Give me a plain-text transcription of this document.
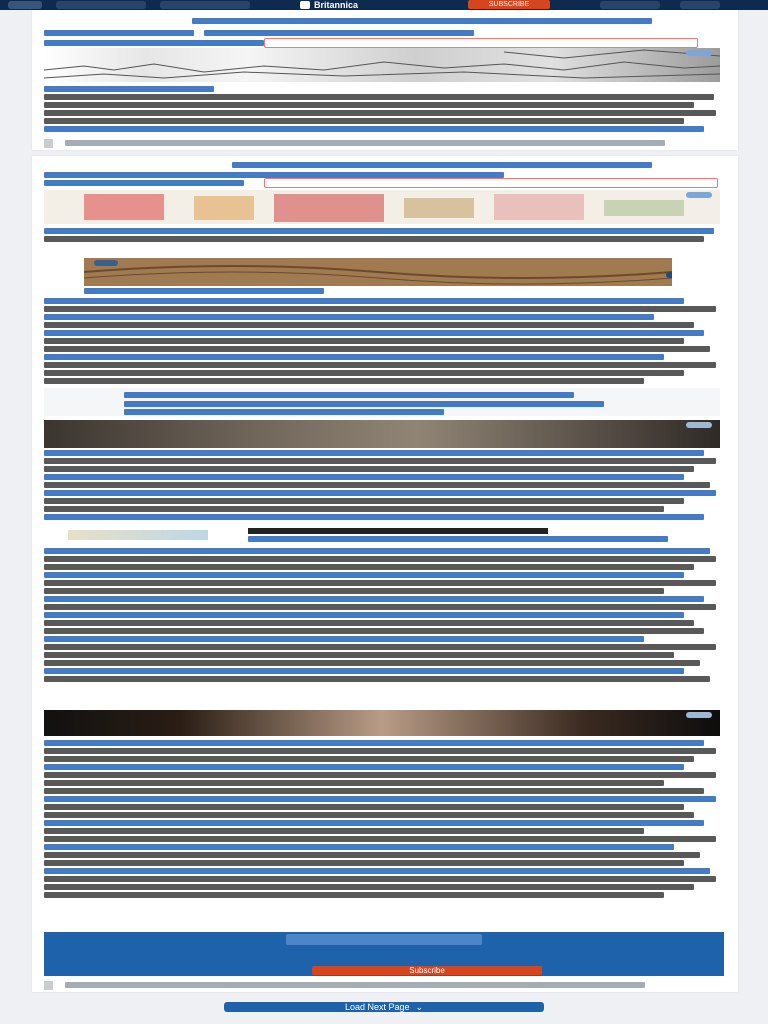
Britannica	SUBSCRIBE
Subscribe
Load Next Page ⌄
